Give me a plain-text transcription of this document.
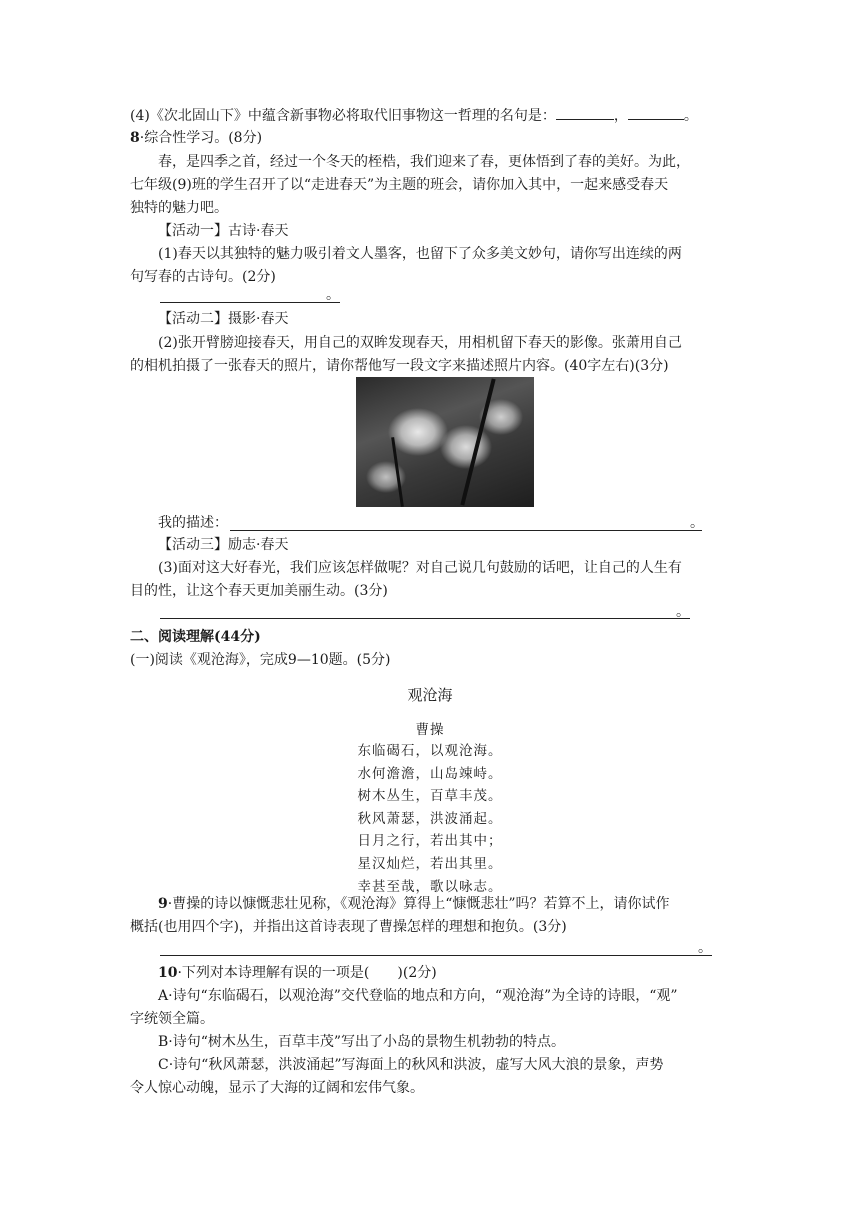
(4)《次北固山下》中蕴含新事物必将取代旧事物这一哲理的名句是：	，	。
8·综合性学习。(8分)
春，是四季之首，经过一个冬天的桎梏，我们迎来了春，更体悟到了春的美好。为此，
七年级(9)班的学生召开了以“走进春天”为主题的班会，请你加入其中，一起来感受春天
独特的魅力吧。
【活动一】古诗·春天
(1)春天以其独特的魅力吸引着文人墨客，也留下了众多美文妙句，请你写出连续的两
句写春的古诗句。(2分)
。
【活动二】摄影·春天
(2)张开臂膀迎接春天，用自己的双眸发现春天，用相机留下春天的影像。张萧用自己
的相机拍摄了一张春天的照片，请你帮他写一段文字来描述照片内容。(40字左右)(3分)
我的描述：	。
【活动三】励志·春天
(3)面对这大好春光，我们应该怎样做呢？对自己说几句鼓励的话吧，让自己的人生有
目的性，让这个春天更加美丽生动。(3分)
。
二、阅读理解(44分)
(一)阅读《观沧海》，完成9—10题。(5分)
观沧海
曹操
东临碣石，以观沧海。
水何澹澹，山岛竦峙。
树木丛生，百草丰茂。
秋风萧瑟，洪波涌起。
日月之行，若出其中；
星汉灿烂，若出其里。
幸甚至哉，歌以咏志。
9·曹操的诗以慷慨悲壮见称，《观沧海》算得上“慷慨悲壮”吗？若算不上，请你试作
概括(也用四个字)，并指出这首诗表现了曹操怎样的理想和抱负。(3分)
。
10·下列对本诗理解有误的一项是(　　)(2分)
A·诗句“东临碣石，以观沧海”交代登临的地点和方向，“观沧海”为全诗的诗眼，“观”
字统领全篇。
B·诗句“树木丛生，百草丰茂”写出了小岛的景物生机勃勃的特点。
C·诗句“秋风萧瑟，洪波涌起”写海面上的秋风和洪波，虚写大风大浪的景象，声势
令人惊心动魄，显示了大海的辽阔和宏伟气象。
